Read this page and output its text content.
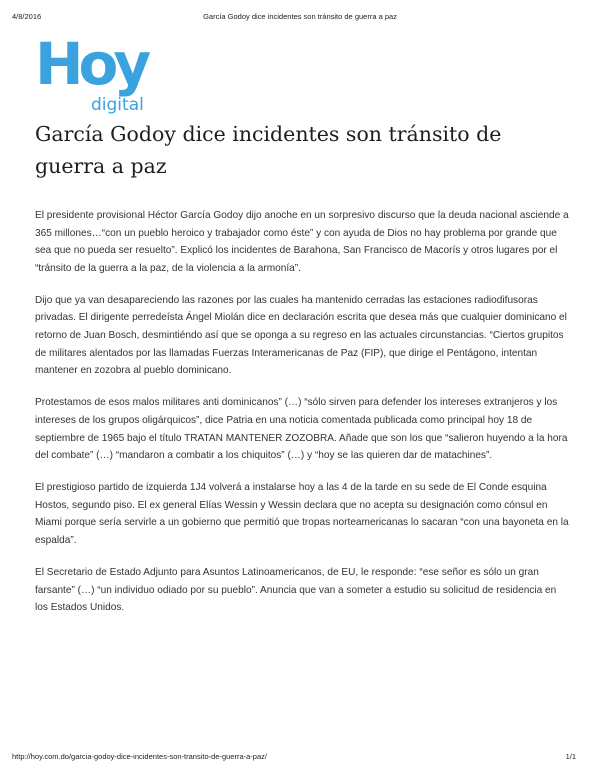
4/8/2016	García Godoy dice incidentes son tránsito de guerra a paz
Hoy
digital
García Godoy dice incidentes son tránsito de guerra a paz

El presidente provisional Héctor García Godoy dijo anoche en un sorpresivo discurso que la deuda nacional asciende a 365 millones…“con un pueblo heroico y trabajador como éste” y con ayuda de Dios no hay problema por grande que sea que no pueda ser resuelto”. Explicó los incidentes de Barahona, San Francisco de Macorís y otros lugares por el “tránsito de la guerra a la paz, de la violencia a la armonía”.

Dijo que ya van desapareciendo las razones por las cuales ha mantenido cerradas las estaciones radiodifusoras privadas. El dirigente perredeísta Ángel Miolán dice en declaración escrita que desea más que cualquier dominicano el retorno de Juan Bosch, desmintiéndo así que se oponga a su regreso en las actuales circunstancias. “Ciertos grupitos de militares alentados por las llamadas Fuerzas Interamericanas de Paz (FIP), que dirige el Pentágono, intentan mantener en zozobra al pueblo dominicano.

Protestamos de esos malos militares anti dominicanos” (…) “sólo sirven para defender los intereses extranjeros y los intereses de los grupos oligárquicos”, dice Patria en una noticia comentada publicada como principal hoy 18 de septiembre de 1965 bajo el título TRATAN MANTENER ZOZOBRA. Añade que son los que “salieron huyendo a la hora del combate” (…) “mandaron a combatir a los chiquitos” (…) y “hoy se las quieren dar de matachines”.

El prestigioso partido de izquierda 1J4 volverá a instalarse hoy a las 4 de la tarde en su sede de El Conde esquina Hostos, segundo piso. El ex general Elías Wessin y Wessin declara que no acepta su designación como cónsul en Miami porque sería servirle a un gobierno que permitió que tropas norteamericanas lo sacaran “con una bayoneta en la espalda”.

El Secretario de Estado Adjunto para Asuntos Latinoamericanos, de EU, le responde: “ese señor es sólo un gran farsante” (…) “un individuo odiado por su pueblo”. Anuncia que van a someter a estudio su solicitud de residencia en los Estados Unidos.

http://hoy.com.do/garcia-godoy-dice-incidentes-son-transito-de-guerra-a-paz/	1/1
